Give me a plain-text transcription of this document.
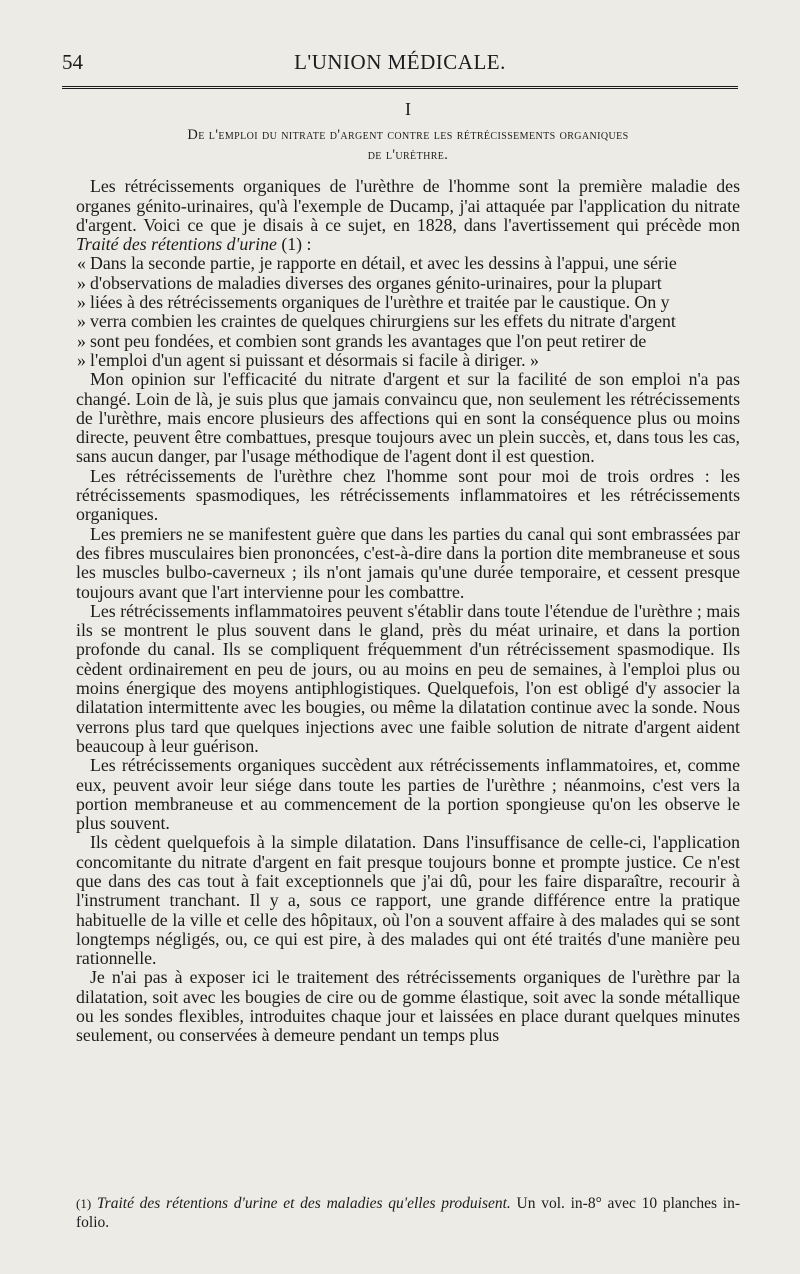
54	L'UNION MÉDICALE.
I
De l'emploi du nitrate d'argent contre les rétrécissements organiques
de l'urèthre.

Les rétrécissements organiques de l'urèthre de l'homme sont la première maladie des organes génito-urinaires, qu'à l'exemple de Ducamp, j'ai attaquée par l'application du nitrate d'argent. Voici ce que je disais à ce sujet, en 1828, dans l'avertissement qui précède mon Traité des rétentions d'urine (1) :

« Dans la seconde partie, je rapporte en détail, et avec les dessins à l'appui, une série

» d'observations de maladies diverses des organes génito-urinaires, pour la plupart

» liées à des rétrécissements organiques de l'urèthre et traitée par le caustique. On y

» verra combien les craintes de quelques chirurgiens sur les effets du nitrate d'argent

» sont peu fondées, et combien sont grands les avantages que l'on peut retirer de

» l'emploi d'un agent si puissant et désormais si facile à diriger. »

Mon opinion sur l'efficacité du nitrate d'argent et sur la facilité de son emploi n'a pas changé. Loin de là, je suis plus que jamais convaincu que, non seulement les rétrécissements de l'urèthre, mais encore plusieurs des affections qui en sont la conséquence plus ou moins directe, peuvent être combattues, presque toujours avec un plein succès, et, dans tous les cas, sans aucun danger, par l'usage méthodique de l'agent dont il est question.

Les rétrécissements de l'urèthre chez l'homme sont pour moi de trois ordres : les rétrécissements spasmodiques, les rétrécissements inflammatoires et les rétrécissements organiques.

Les premiers ne se manifestent guère que dans les parties du canal qui sont embrassées par des fibres musculaires bien prononcées, c'est-à-dire dans la portion dite membraneuse et sous les muscles bulbo-caverneux ; ils n'ont jamais qu'une durée temporaire, et cessent presque toujours avant que l'art intervienne pour les combattre.

Les rétrécissements inflammatoires peuvent s'établir dans toute l'étendue de l'urèthre ; mais ils se montrent le plus souvent dans le gland, près du méat urinaire, et dans la portion profonde du canal. Ils se compliquent fréquemment d'un rétrécissement spasmodique. Ils cèdent ordinairement en peu de jours, ou au moins en peu de semaines, à l'emploi plus ou moins énergique des moyens antiphlogistiques. Quelquefois, l'on est obligé d'y associer la dilatation intermittente avec les bougies, ou même la dilatation continue avec la sonde. Nous verrons plus tard que quelques injections avec une faible solution de nitrate d'argent aident beaucoup à leur guérison.

Les rétrécissements organiques succèdent aux rétrécissements inflammatoires, et, comme eux, peuvent avoir leur siége dans toute les parties de l'urèthre ; néanmoins, c'est vers la portion membraneuse et au commencement de la portion spongieuse qu'on les observe le plus souvent.

Ils cèdent quelquefois à la simple dilatation. Dans l'insuffisance de celle-ci, l'application concomitante du nitrate d'argent en fait presque toujours bonne et prompte justice. Ce n'est que dans des cas tout à fait exceptionnels que j'ai dû, pour les faire disparaître, recourir à l'instrument tranchant. Il y a, sous ce rapport, une grande différence entre la pratique habituelle de la ville et celle des hôpitaux, où l'on a souvent affaire à des malades qui se sont longtemps négligés, ou, ce qui est pire, à des malades qui ont été traités d'une manière peu rationnelle.

Je n'ai pas à exposer ici le traitement des rétrécissements organiques de l'urèthre par la dilatation, soit avec les bougies de cire ou de gomme élastique, soit avec la sonde métallique ou les sondes flexibles, introduites chaque jour et laissées en place durant quelques minutes seulement, ou conservées à demeure pendant un temps plus

(1) Traité des rétentions d'urine et des maladies qu'elles produisent. Un vol. in-8° avec 10 planches in-folio.
